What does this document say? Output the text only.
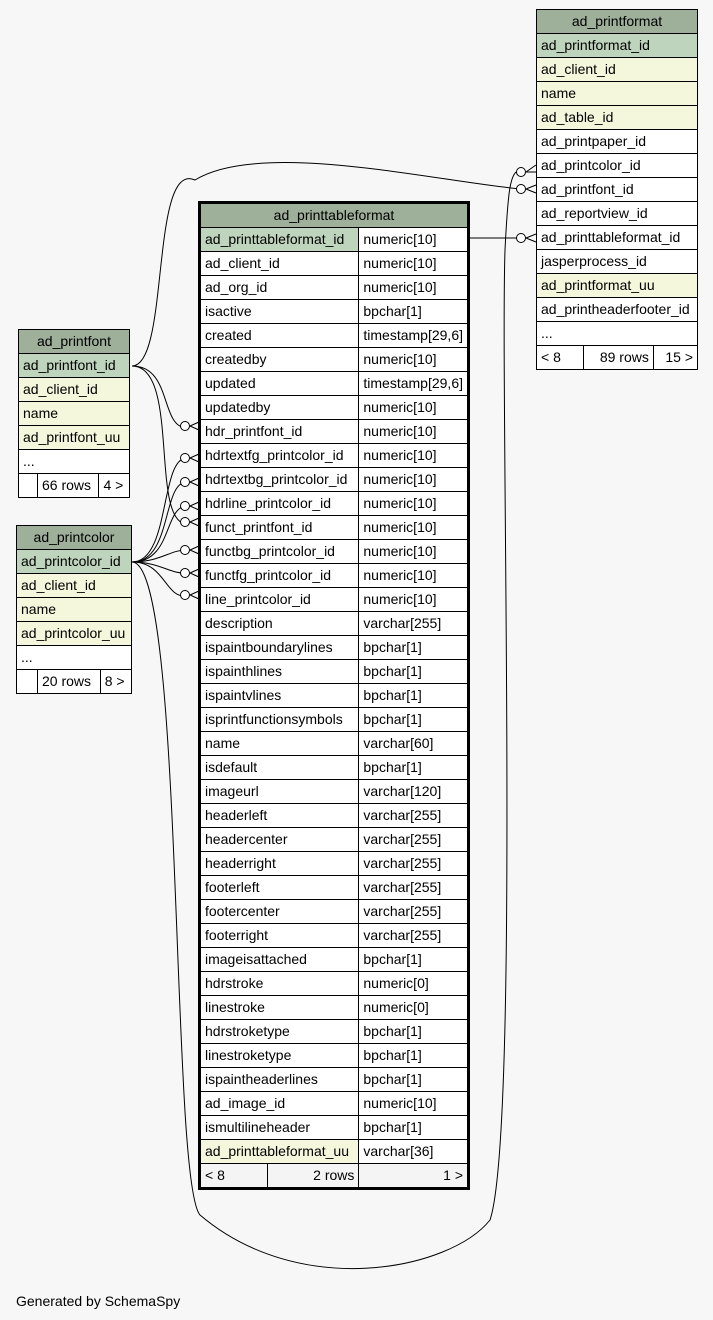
ad_printfont
ad_printfont_id
ad_client_id
name
ad_printfont_uu
...
	66 rows	4 >
ad_printcolor
ad_printcolor_id
ad_client_id
name
ad_printcolor_uu
...
	20 rows	8 >
ad_printformat
ad_printformat_id
ad_client_id
name
ad_table_id
ad_printpaper_id
ad_printcolor_id
ad_printfont_id
ad_reportview_id
ad_printtableformat_id
jasperprocess_id
ad_printformat_uu
ad_printheaderfooter_id
...
< 8	89 rows	15 >
ad_printtableformat		
ad_printtableformat_id		numeric[10]
ad_client_id		numeric[10]
ad_org_id		numeric[10]
isactive		bpchar[1]
created		timestamp[29,6]
createdby		numeric[10]
updated		timestamp[29,6]
updatedby		numeric[10]
hdr_printfont_id		numeric[10]
hdrtextfg_printcolor_id		numeric[10]
hdrtextbg_printcolor_id		numeric[10]
hdrline_printcolor_id		numeric[10]
funct_printfont_id		numeric[10]
functbg_printcolor_id		numeric[10]
functfg_printcolor_id		numeric[10]
line_printcolor_id		numeric[10]
description		varchar[255]
ispaintboundarylines		bpchar[1]
ispainthlines		bpchar[1]
ispaintvlines		bpchar[1]
isprintfunctionsymbols		bpchar[1]
name		varchar[60]
isdefault		bpchar[1]
imageurl		varchar[120]
headerleft		varchar[255]
headercenter		varchar[255]
headerright		varchar[255]
footerleft		varchar[255]
footercenter		varchar[255]
footerright		varchar[255]
imageisattached		bpchar[1]
hdrstroke		numeric[0]
linestroke		numeric[0]
hdrstroketype		bpchar[1]
linestroketype		bpchar[1]
ispaintheaderlines		bpchar[1]
ad_image_id		numeric[10]
ismultilineheader		bpchar[1]
ad_printtableformat_uu		varchar[36]
< 8	2 rows	1 >
Generated by SchemaSpy
